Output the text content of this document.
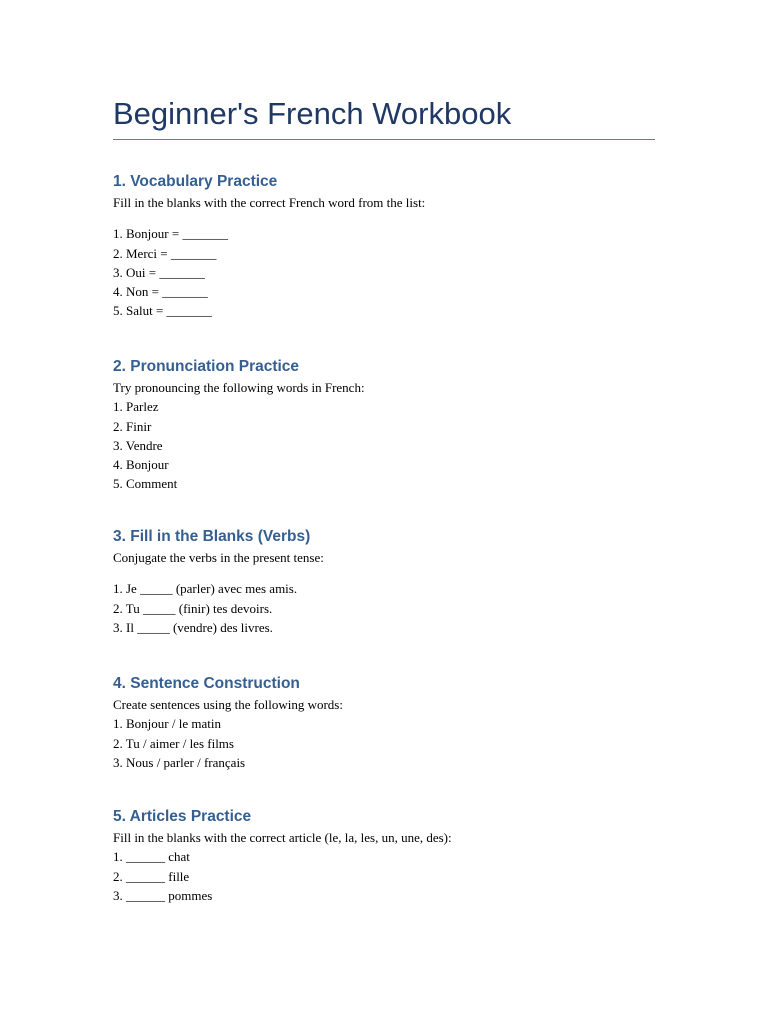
Beginner's French Workbook
1. Vocabulary Practice
Fill in the blanks with the correct French word from the list:
1. Bonjour = _______
2. Merci = _______
3. Oui = _______
4. Non = _______
5. Salut = _______
2. Pronunciation Practice
Try pronouncing the following words in French:
1. Parlez
2. Finir
3. Vendre
4. Bonjour
5. Comment
3. Fill in the Blanks (Verbs)
Conjugate the verbs in the present tense:
1. Je _____ (parler) avec mes amis.
2. Tu _____ (finir) tes devoirs.
3. Il _____ (vendre) des livres.
4. Sentence Construction
Create sentences using the following words:
1. Bonjour / le matin
2. Tu / aimer / les films
3. Nous / parler / français
5. Articles Practice
Fill in the blanks with the correct article (le, la, les, un, une, des):
1. ______ chat
2. ______ fille
3. ______ pommes
